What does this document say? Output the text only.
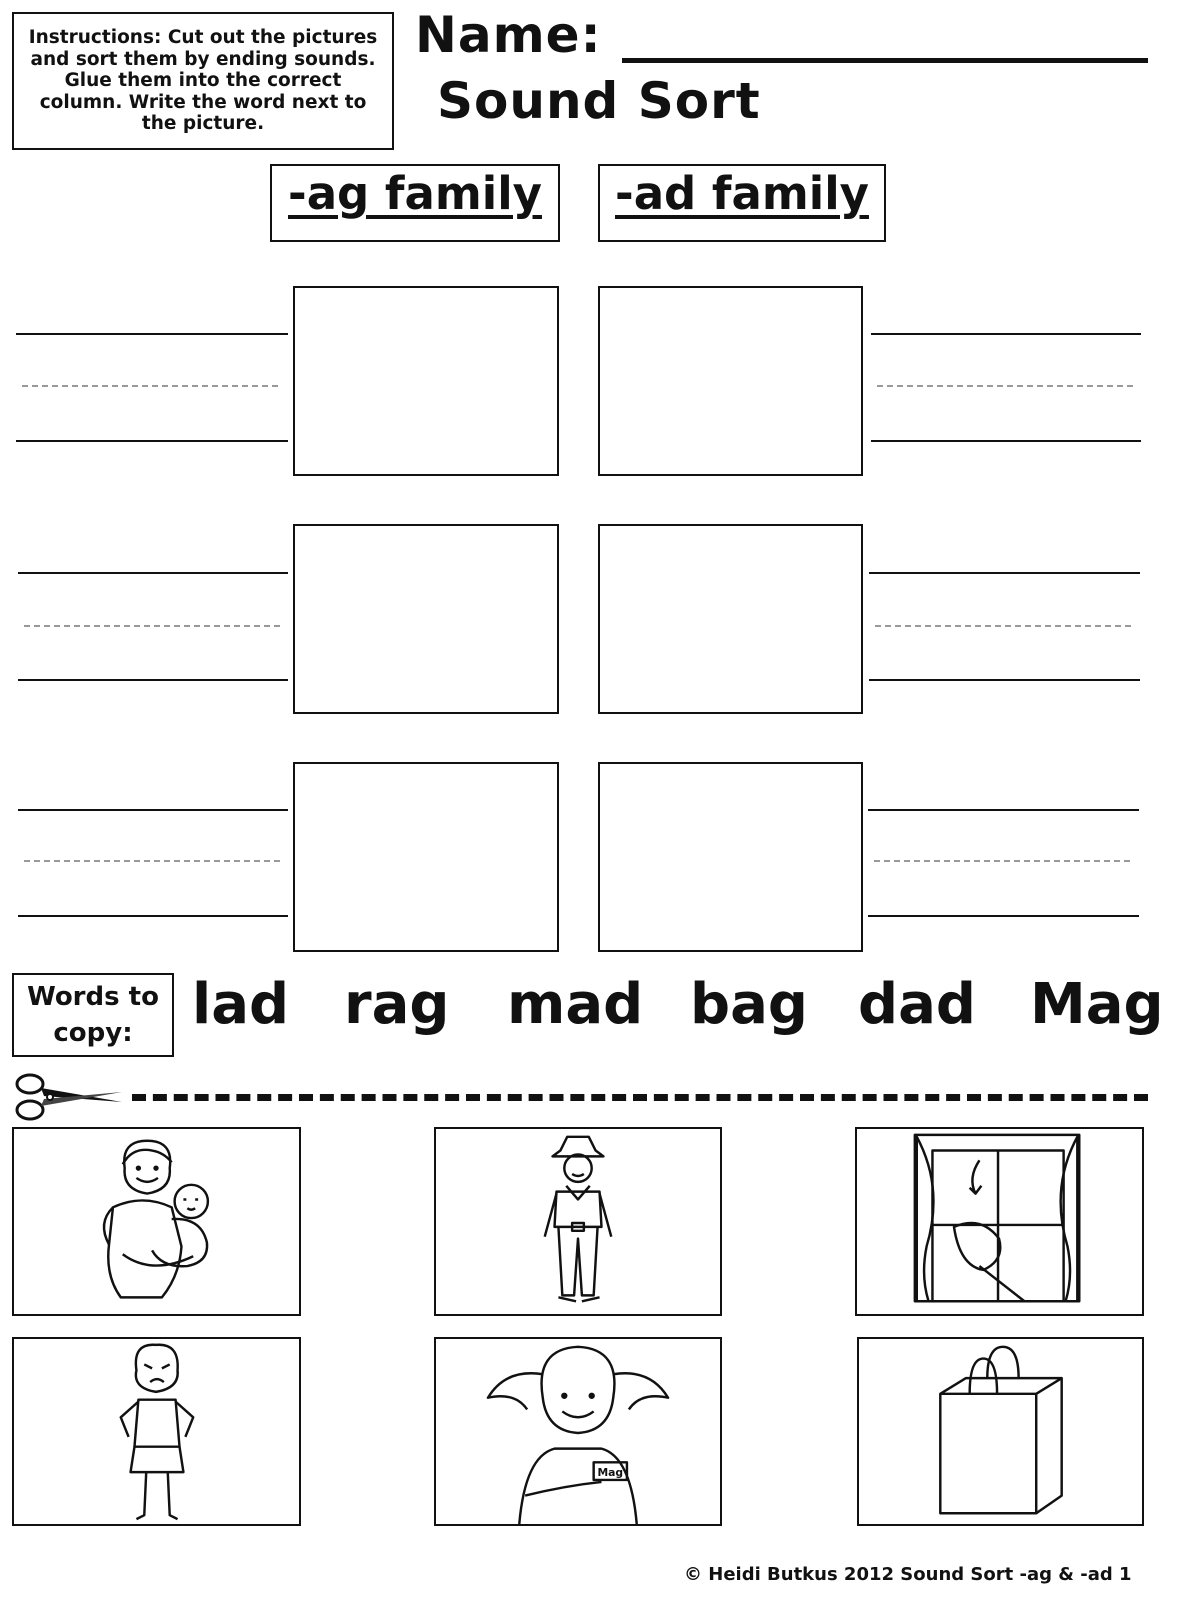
Instructions: Cut out the pictures and sort them by ending sounds. Glue them into the correct column. Write the word next to the picture.
Name:
Sound Sort
-ag family	-ad family
Words to copy:	lad rag mad bag dad Mag
Mag
© Heidi Butkus 2012 Sound Sort -ag & -ad 1
